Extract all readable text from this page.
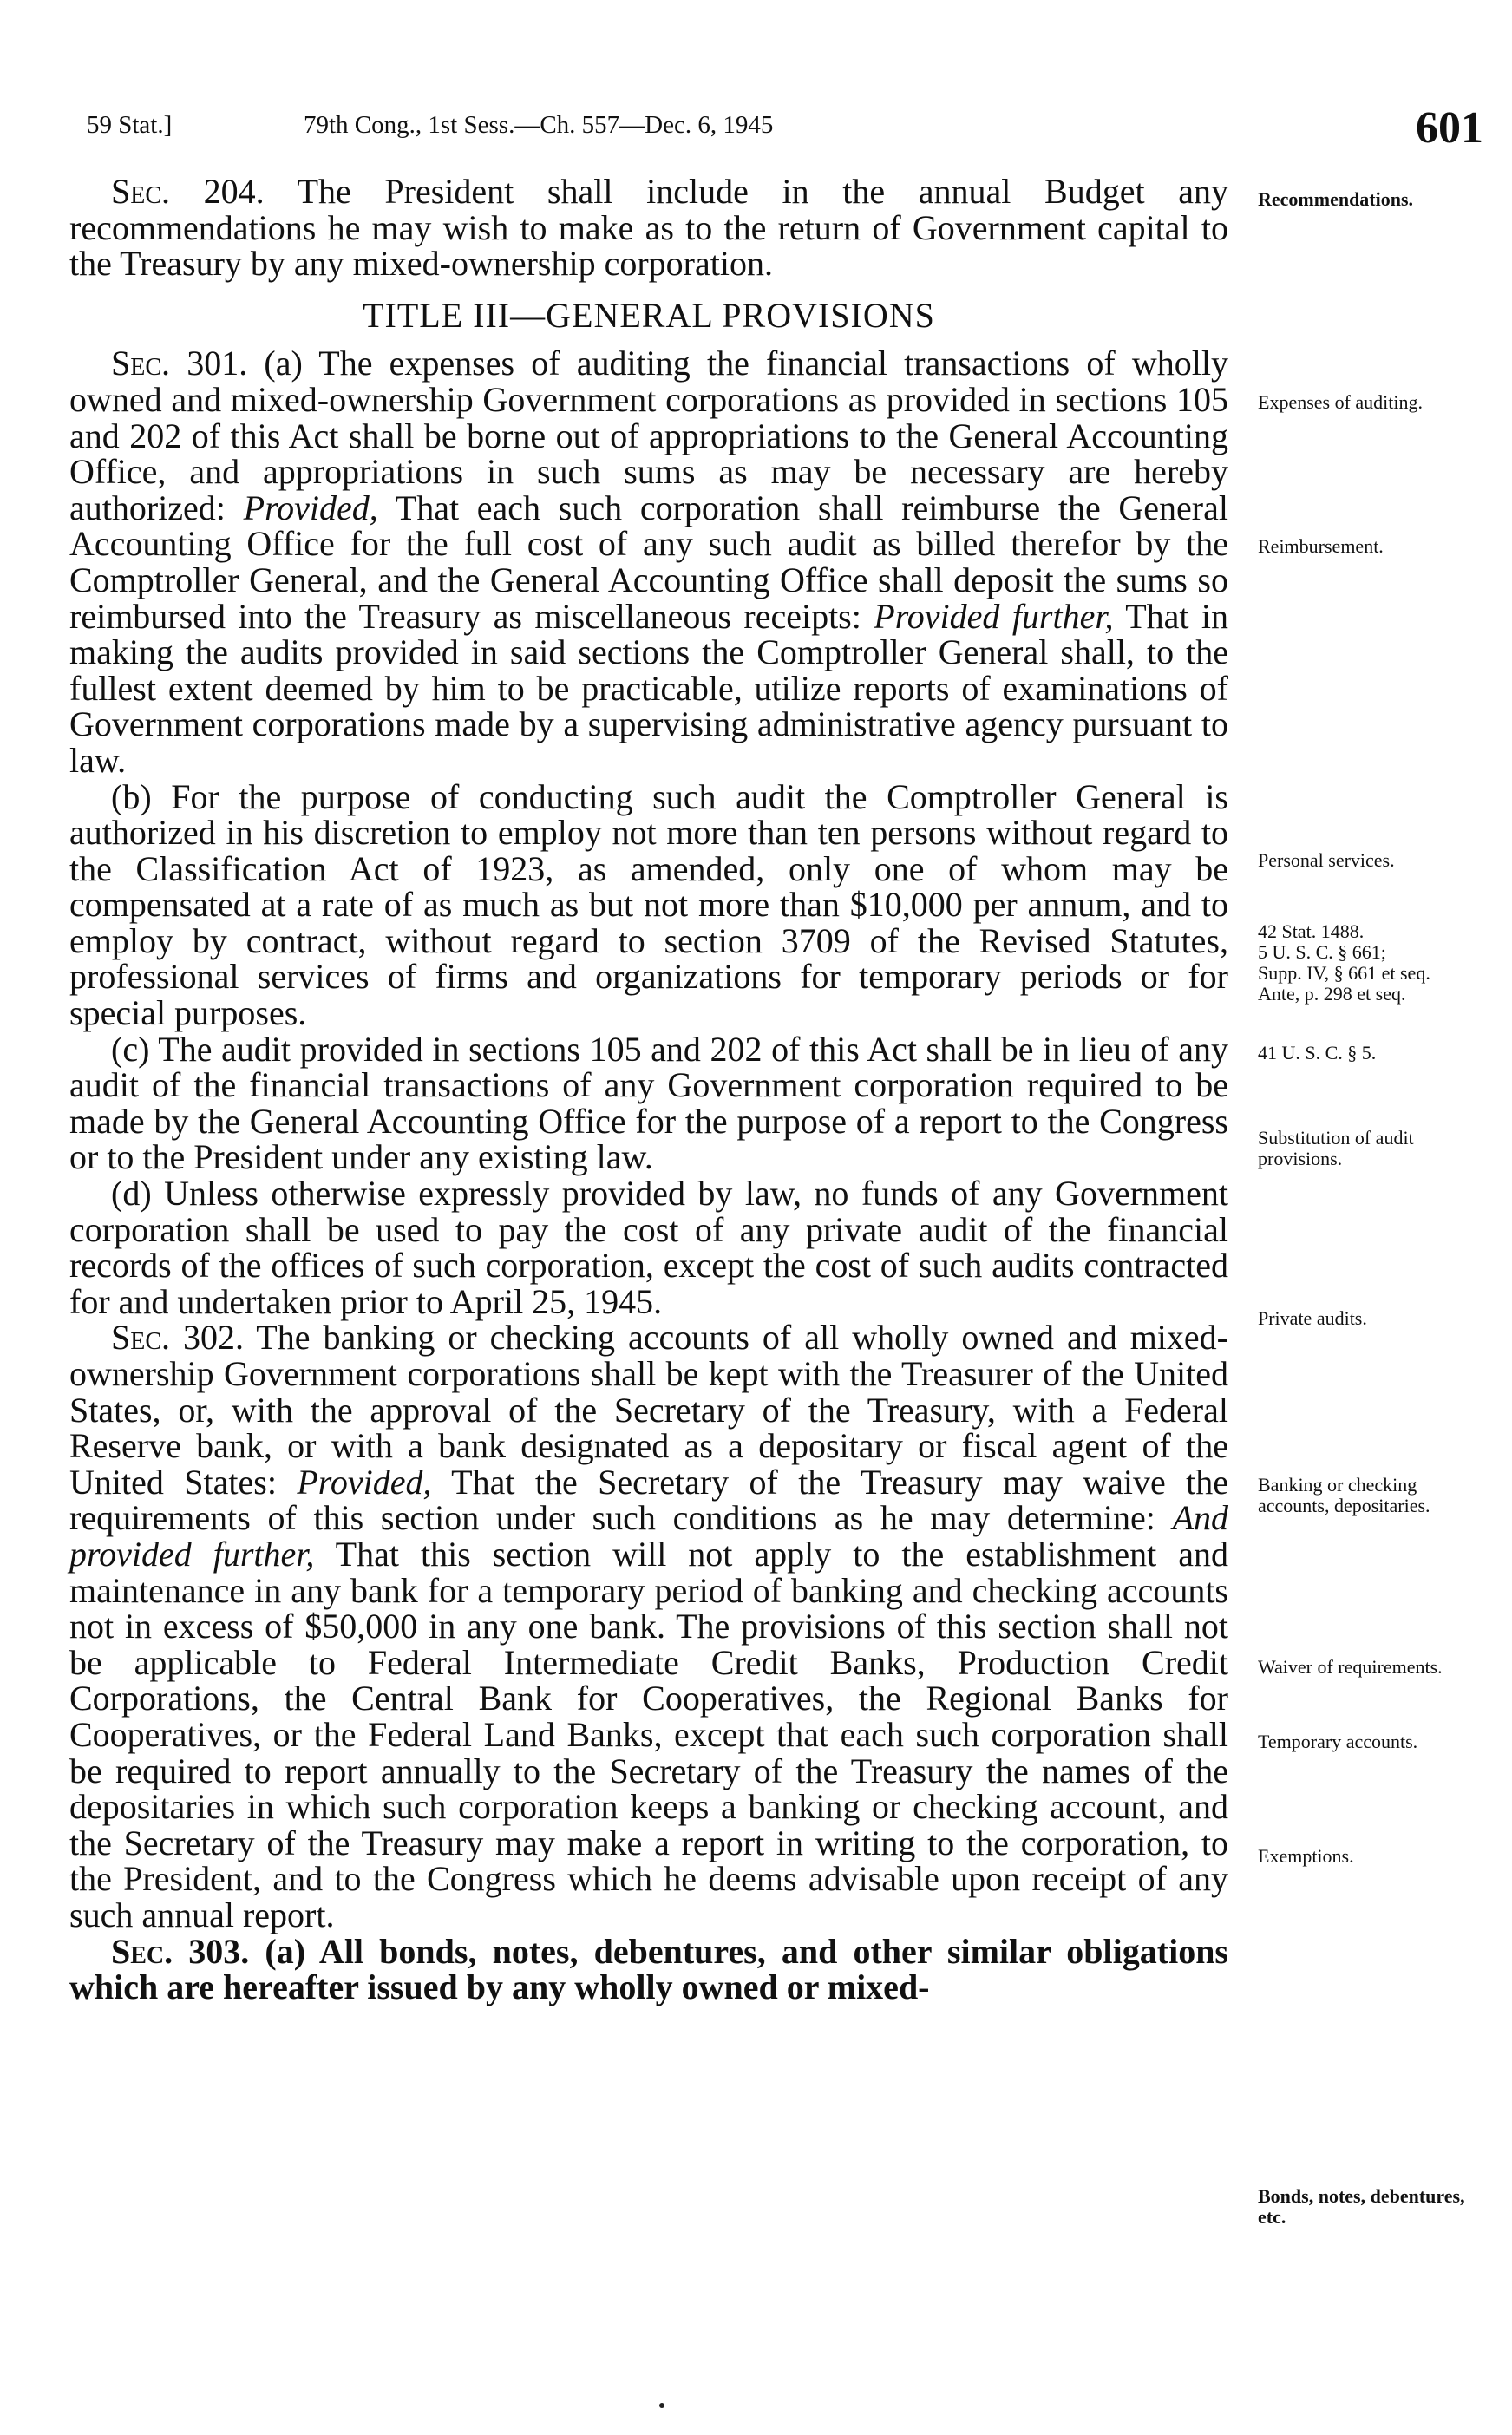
59 Stat.]	79th Cong., 1st Sess.—Ch. 557—Dec. 6, 1945	601

Sec. 204. The President shall include in the annual Budget any recommendations he may wish to make as to the return of Government capital to the Treasury by any mixed-ownership corporation.

TITLE III—GENERAL PROVISIONS

Sec. 301. (a) The expenses of auditing the financial transactions of wholly owned and mixed-ownership Government corporations as provided in sections 105 and 202 of this Act shall be borne out of appropriations to the General Accounting Office, and appropriations in such sums as may be necessary are hereby authorized: Provided, That each such corporation shall reimburse the General Accounting Office for the full cost of any such audit as billed therefor by the Comptroller General, and the General Accounting Office shall deposit the sums so reimbursed into the Treasury as miscellaneous receipts: Provided further, That in making the audits provided in said sections the Comptroller General shall, to the fullest extent deemed by him to be practicable, utilize reports of examinations of Government corporations made by a supervising administrative agency pursuant to law.

(b) For the purpose of conducting such audit the Comptroller General is authorized in his discretion to employ not more than ten persons without regard to the Classification Act of 1923, as amended, only one of whom may be compensated at a rate of as much as but not more than $10,000 per annum, and to employ by contract, without regard to section 3709 of the Revised Statutes, professional services of firms and organizations for temporary periods or for special purposes.

(c) The audit provided in sections 105 and 202 of this Act shall be in lieu of any audit of the financial transactions of any Government corporation required to be made by the General Accounting Office for the purpose of a report to the Congress or to the President under any existing law.

(d) Unless otherwise expressly provided by law, no funds of any Government corporation shall be used to pay the cost of any private audit of the financial records of the offices of such corporation, except the cost of such audits contracted for and undertaken prior to April 25, 1945.

Sec. 302. The banking or checking accounts of all wholly owned and mixed-ownership Government corporations shall be kept with the Treasurer of the United States, or, with the approval of the Secretary of the Treasury, with a Federal Reserve bank, or with a bank designated as a depositary or fiscal agent of the United States: Provided, That the Secretary of the Treasury may waive the requirements of this section under such conditions as he may determine: And provided further, That this section will not apply to the establishment and maintenance in any bank for a temporary period of banking and checking accounts not in excess of $50,000 in any one bank. The provisions of this section shall not be applicable to Federal Intermediate Credit Banks, Production Credit Corporations, the Central Bank for Cooperatives, the Regional Banks for Cooperatives, or the Federal Land Banks, except that each such corporation shall be required to report annually to the Secretary of the Treasury the names of the depositaries in which such corporation keeps a banking or checking account, and the Secretary of the Treasury may make a report in writing to the corporation, to the President, and to the Congress which he deems advisable upon receipt of any such annual report.

Sec. 303. (a) All bonds, notes, debentures, and other similar obligations which are hereafter issued by any wholly owned or mixed-

Recommendations.
Expenses of auditing.
Reimbursement.
Personal services.
42 Stat. 1488.
5 U. S. C. § 661;
Supp. IV, § 661 et seq.
Ante, p. 298 et seq.
41 U. S. C. § 5.
Substitution of audit provisions.
Private audits.
Banking or checking accounts, depositaries.
Waiver of requirements.
Temporary accounts.
Exemptions.
Bonds, notes, debentures, etc.
